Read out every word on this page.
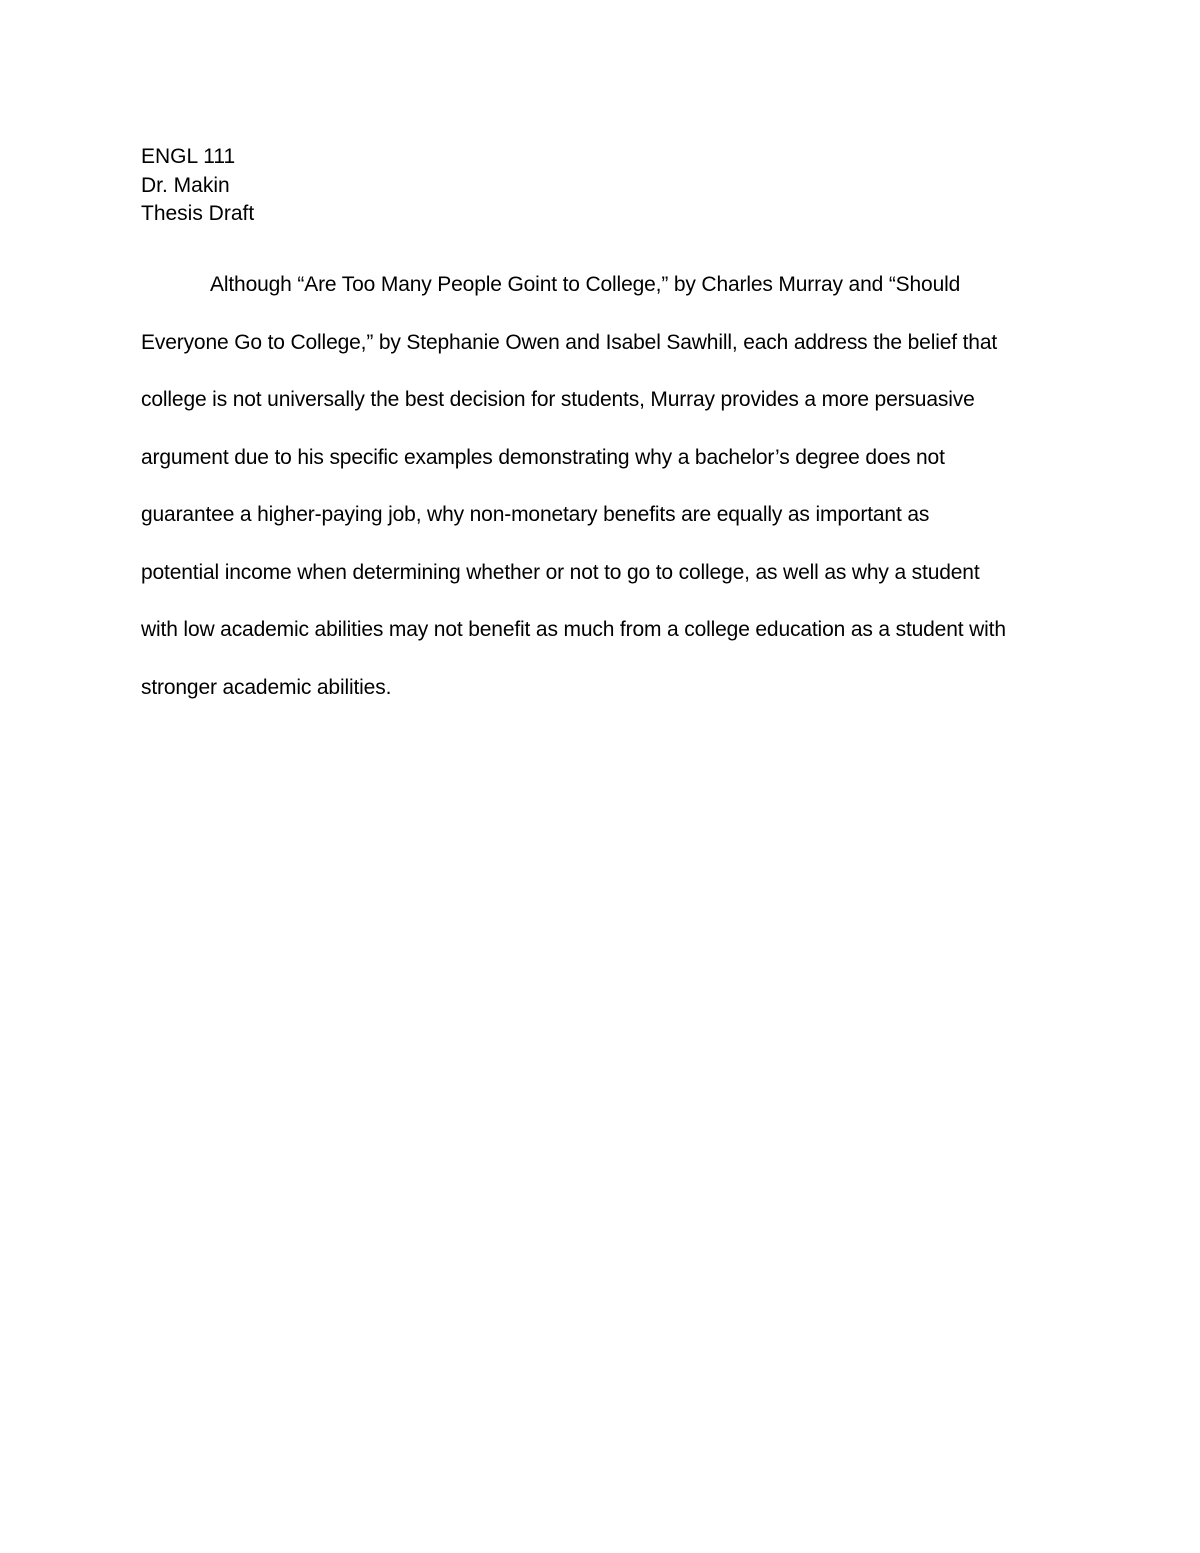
ENGL 111
Dr. Makin
Thesis Draft
Although “Are Too Many People Goint to College,” by Charles Murray and “Should
Everyone Go to College,” by Stephanie Owen and Isabel Sawhill, each address the belief that
college is not universally the best decision for students, Murray provides a more persuasive
argument due to his specific examples demonstrating why a bachelor’s degree does not
guarantee a higher-paying job, why non-monetary benefits are equally as important as
potential income when determining whether or not to go to college, as well as why a student
with low academic abilities may not benefit as much from a college education as a student with
stronger academic abilities.
